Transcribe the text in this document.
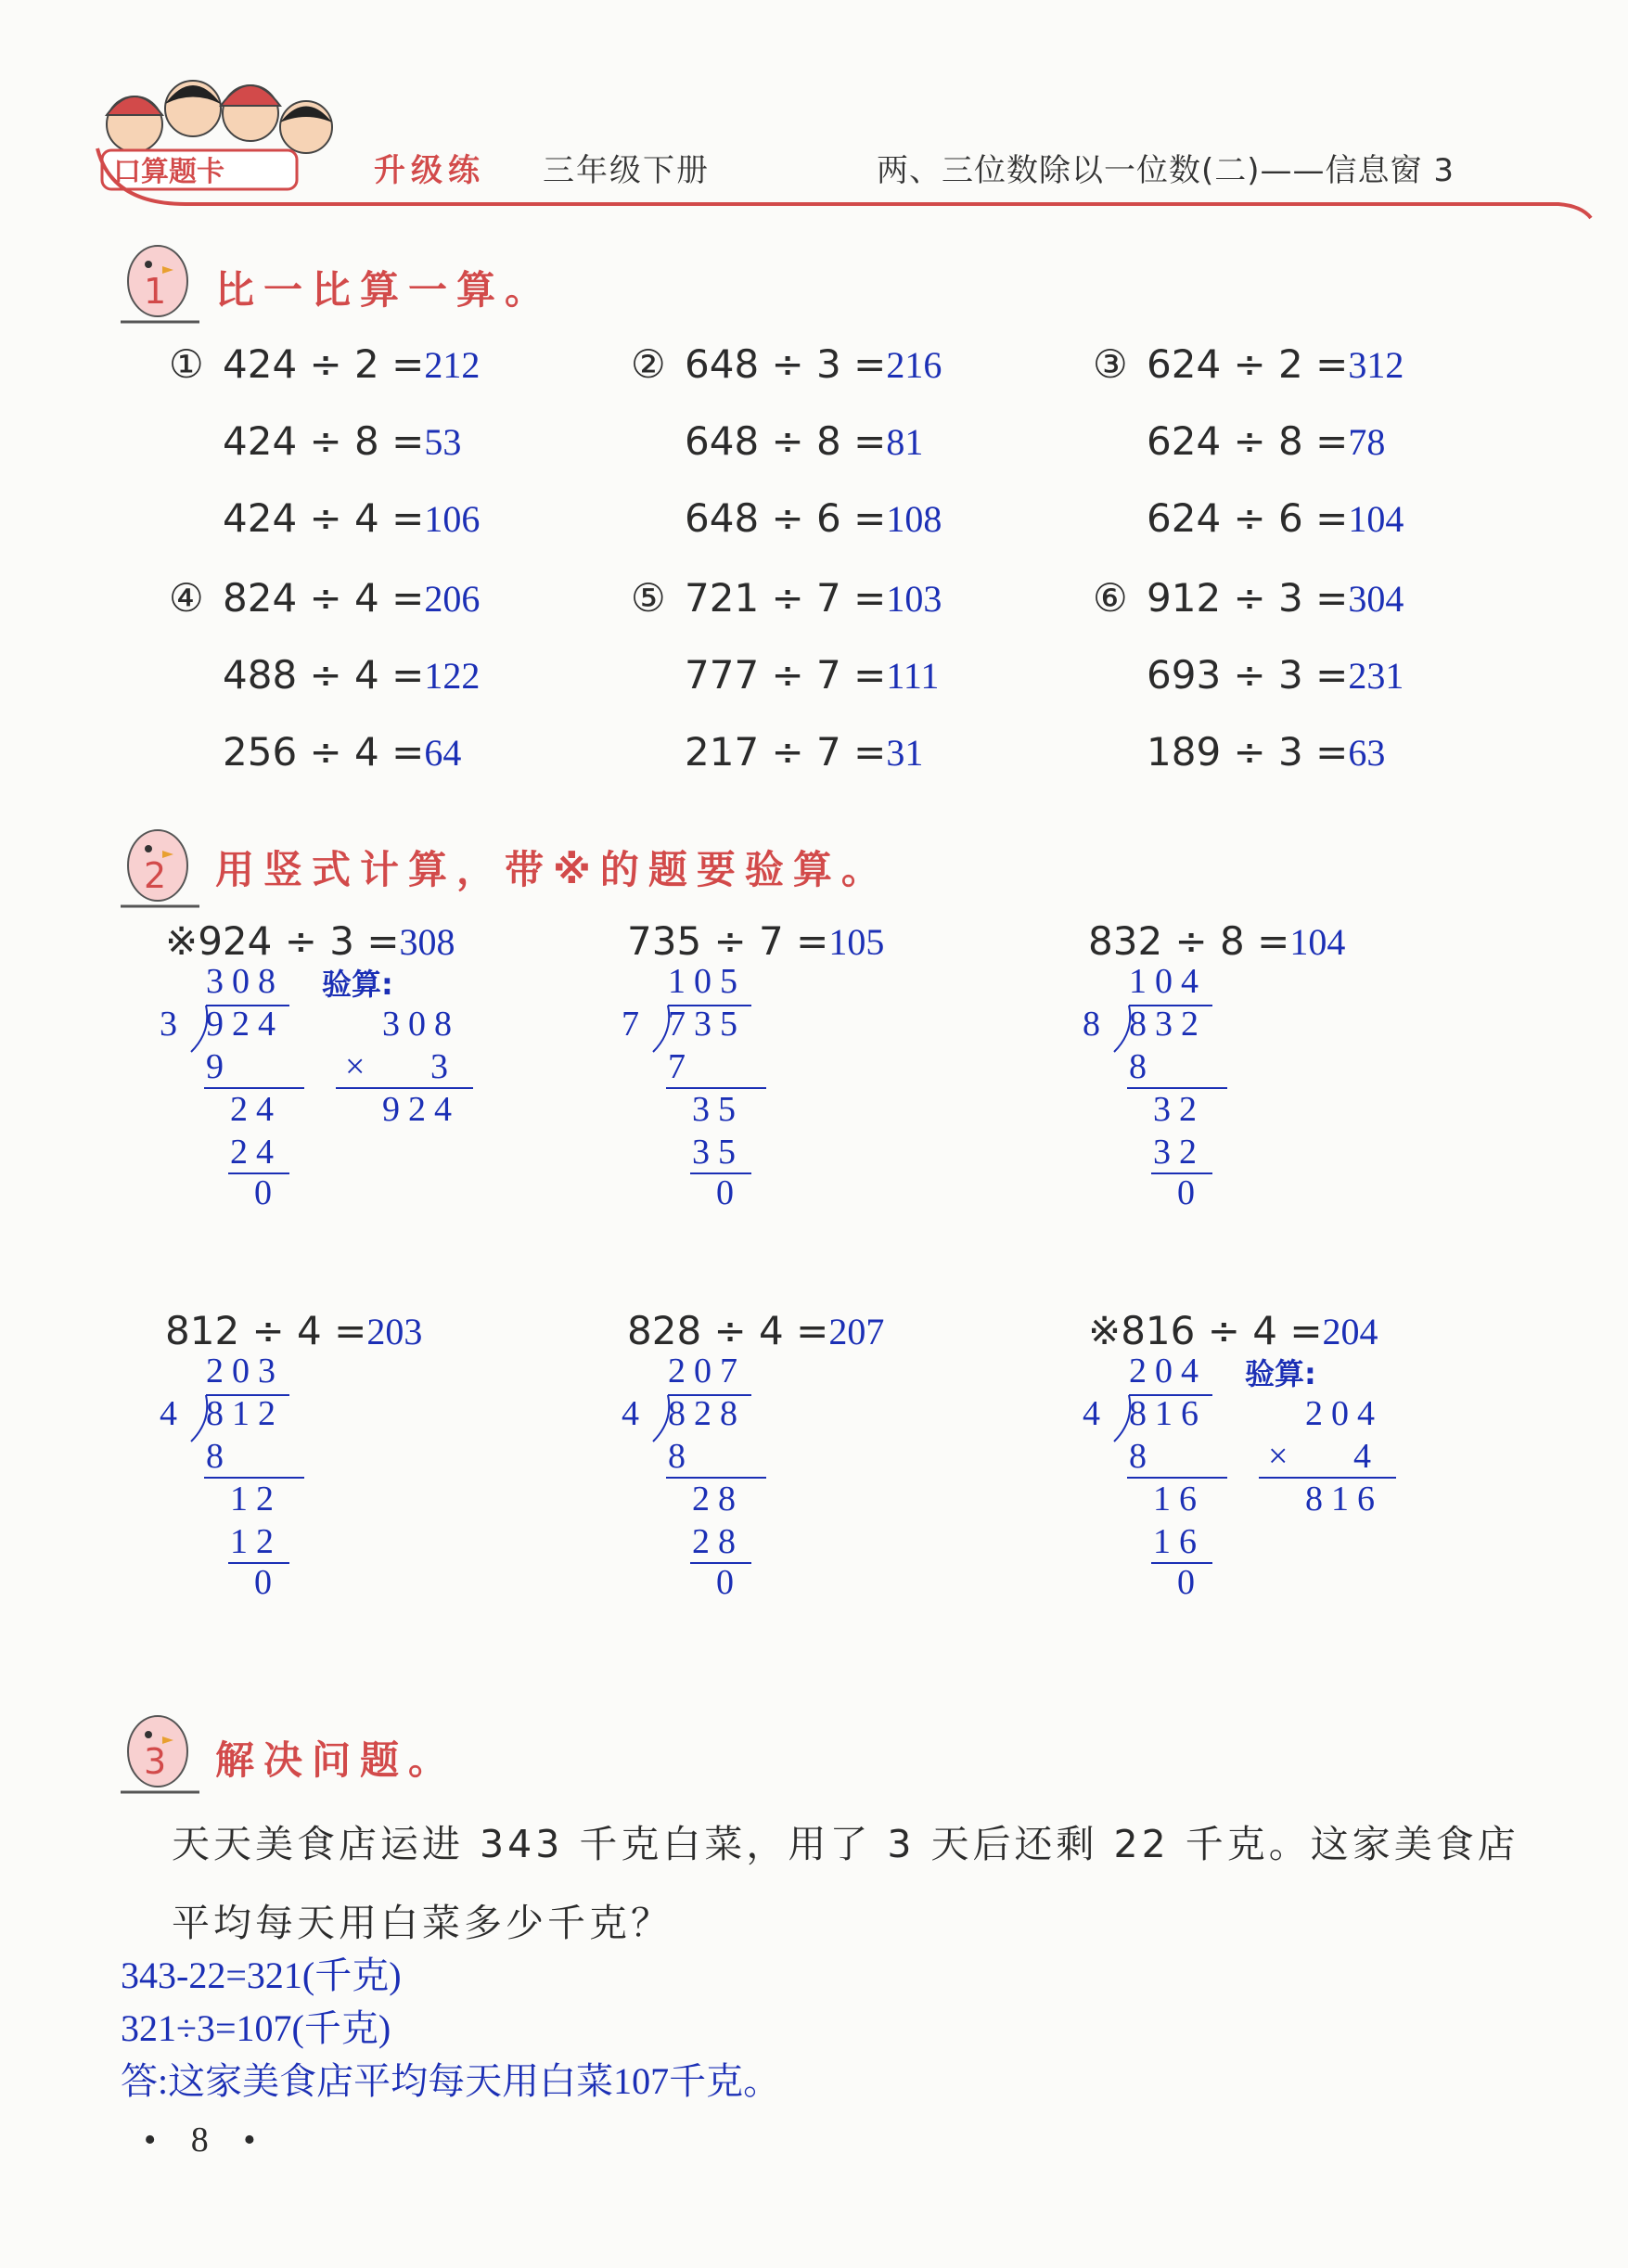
口算题卡	升级练 三年级下册	两、三位数除以一位数(二)——信息窗 3
1 比一比算一算。
① 424 ÷ 2 =212
424 ÷ 8 =53
424 ÷ 4 =106
② 648 ÷ 3 =216
648 ÷ 8 =81
648 ÷ 6 =108
③ 624 ÷ 2 =312
624 ÷ 8 =78
624 ÷ 6 =104
④ 824 ÷ 4 =206
488 ÷ 4 =122
256 ÷ 4 =64
⑤ 721 ÷ 7 =103
777 ÷ 7 =111
217 ÷ 7 =31
⑥ 912 ÷ 3 =304
693 ÷ 3 =231
189 ÷ 3 =63
2 用竖式计算，带※的题要验算。
※924 ÷ 3 =308
308
3 924
9
24
24
0
验算:
308
× 3
924
735 ÷ 7 =105
105
7 735
7
35
35
0
832 ÷ 8 =104
104
8 832
8
32
32
0
812 ÷ 4 =203
203
4 812
8
12
12
0
828 ÷ 4 =207
207
4 828
8
28
28
0
※816 ÷ 4 =204
204
4 816
8
16
16
0
验算:
204
× 4
816
3 解决问题。
天天美食店运进 343 千克白菜，用了 3 天后还剩 22 千克。这家美食店
平均每天用白菜多少千克？
343-22=321(千克)
321÷3=107(千克)
答:这家美食店平均每天用白菜107千克。
• 8 •
